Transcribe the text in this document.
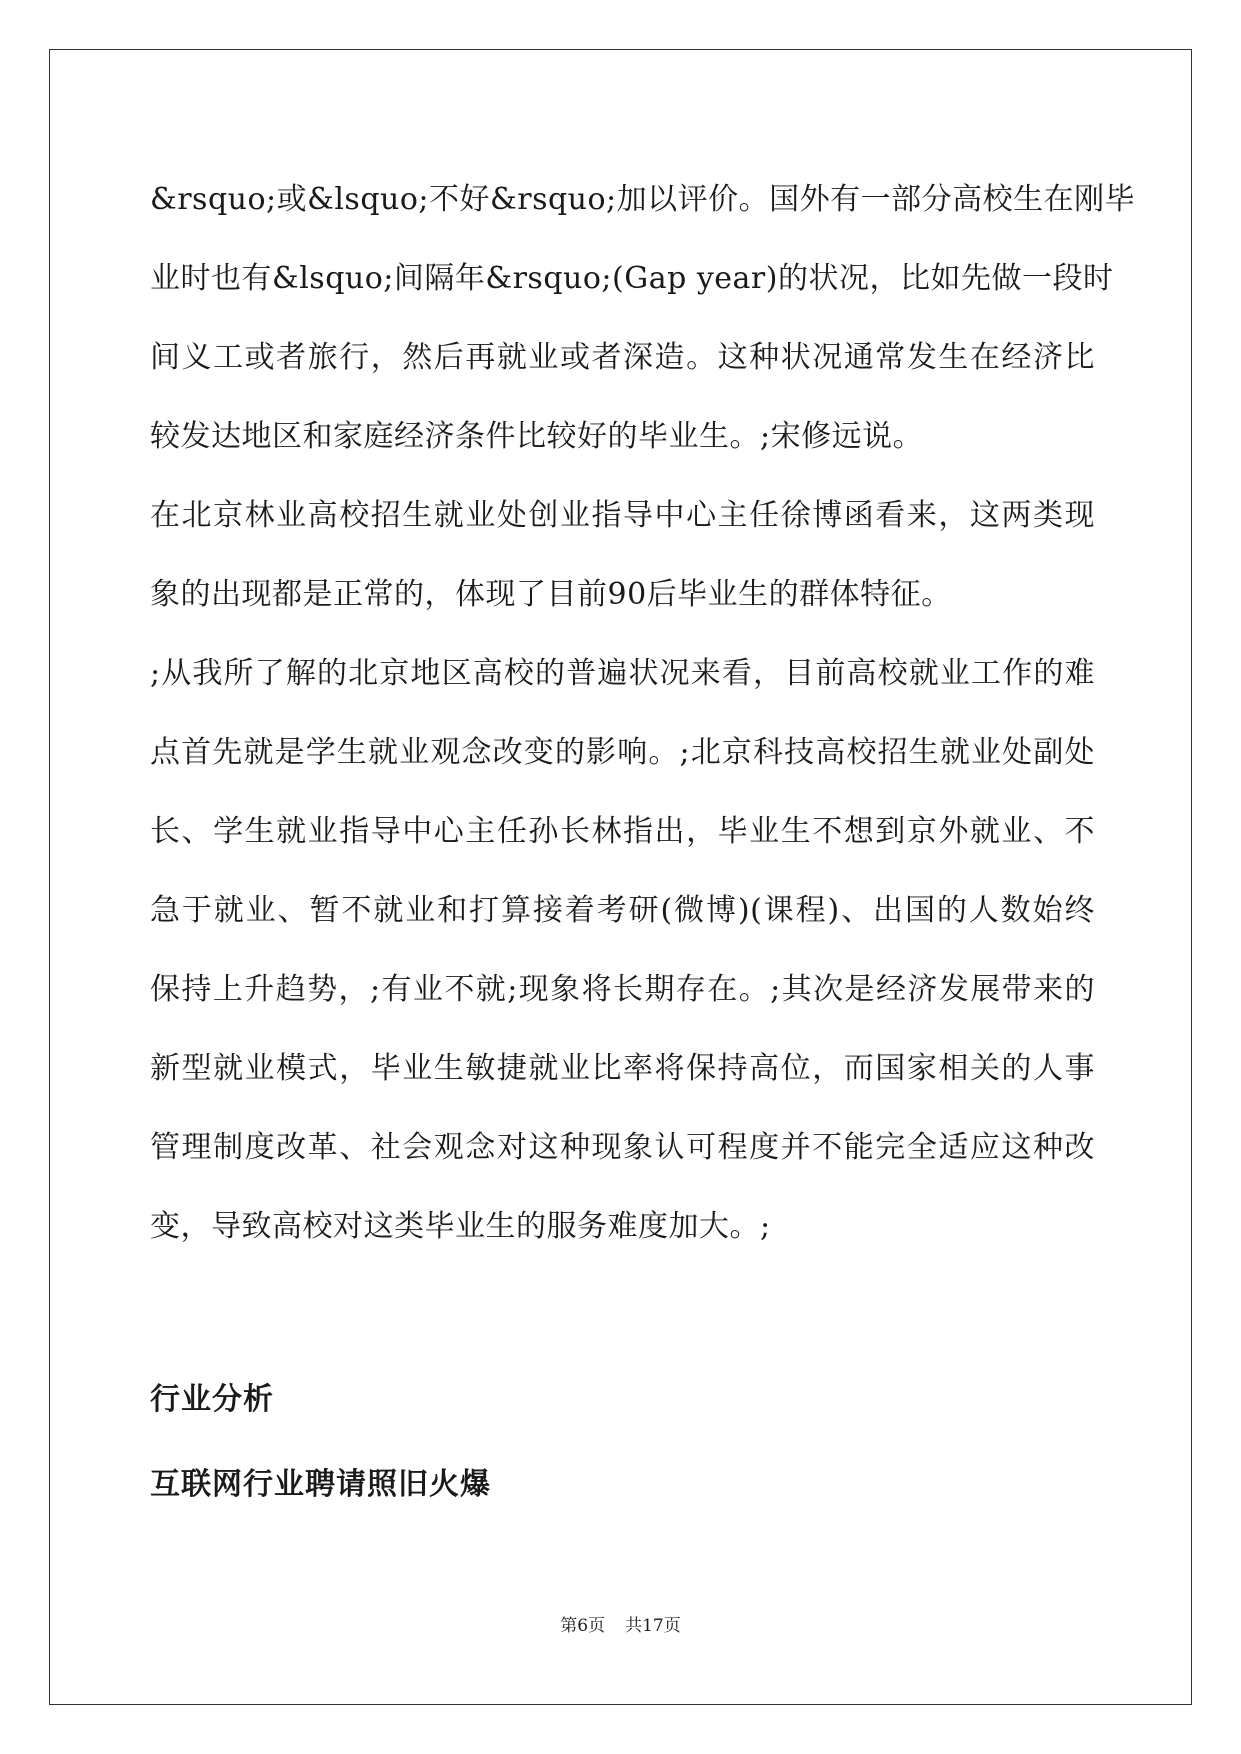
&rsquo;或&lsquo;不好&rsquo;加以评价。国外有一部分高校生在刚毕

业时也有&lsquo;间隔年&rsquo;(Gap year)的状况，比如先做一段时

间义工或者旅行，然后再就业或者深造。这种状况通常发生在经济比

较发达地区和家庭经济条件比较好的毕业生。;宋修远说。

在北京林业高校招生就业处创业指导中心主任徐博函看来，这两类现

象的出现都是正常的，体现了目前90后毕业生的群体特征。

;从我所了解的北京地区高校的普遍状况来看，目前高校就业工作的难

点首先就是学生就业观念改变的影响。;北京科技高校招生就业处副处

长、学生就业指导中心主任孙长林指出，毕业生不想到京外就业、不

急于就业、暂不就业和打算接着考研(微博)(课程)、出国的人数始终

保持上升趋势，;有业不就;现象将长期存在。;其次是经济发展带来的

新型就业模式，毕业生敏捷就业比率将保持高位，而国家相关的人事

管理制度改革、社会观念对这种现象认可程度并不能完全适应这种改

变，导致高校对这类毕业生的服务难度加大。;

行业分析
互联网行业聘请照旧火爆
第6页 共17页
